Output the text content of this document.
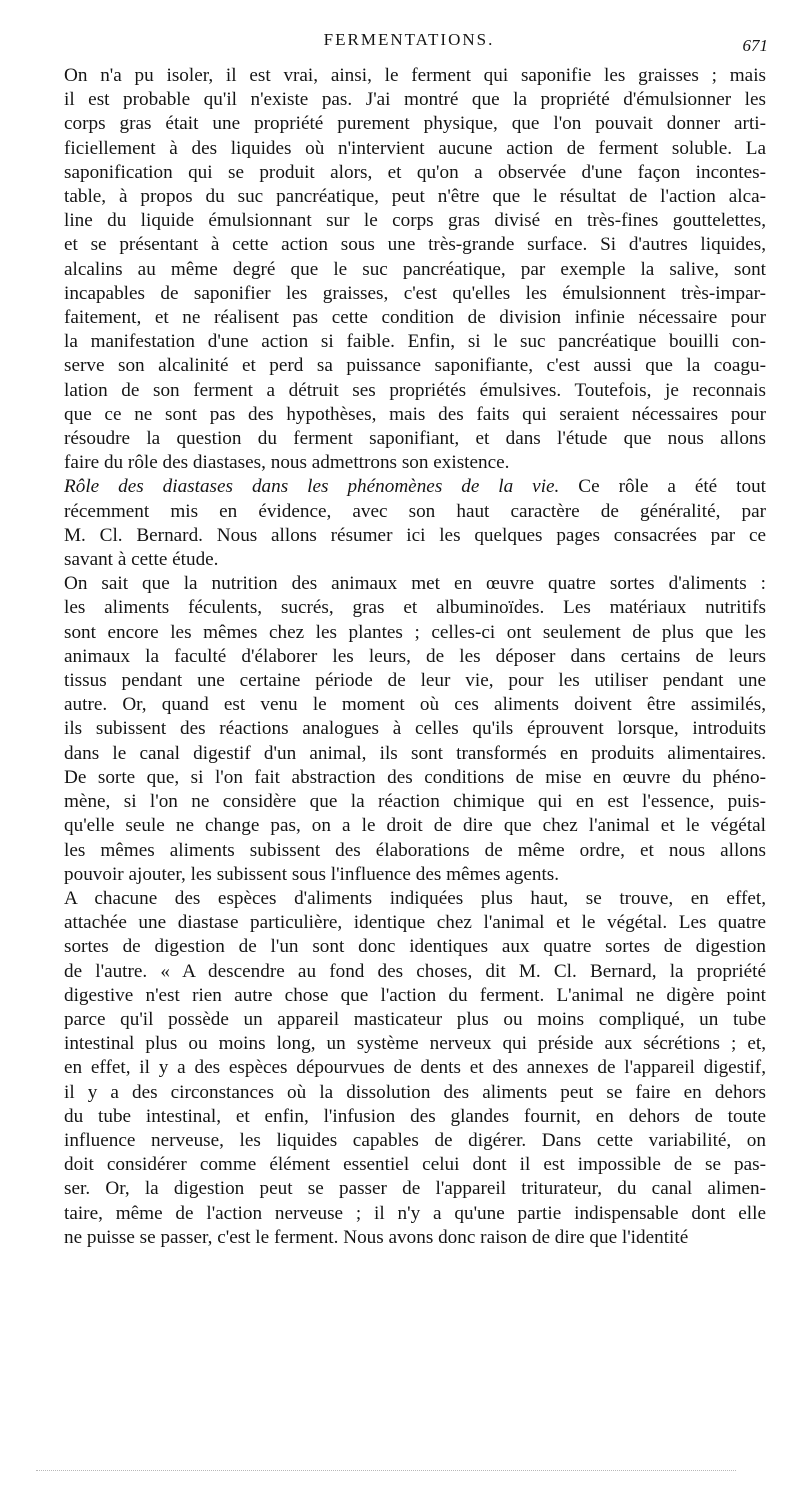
FERMENTATIONS.	671

On n'a pu isoler, il est vrai, ainsi, le ferment qui saponifie les graisses ; mais
il est probable qu'il n'existe pas. J'ai montré que la propriété d'émulsionner les
corps gras était une propriété purement physique, que l'on pouvait donner arti-
ficiellement à des liquides où n'intervient aucune action de ferment soluble. La
saponification qui se produit alors, et qu'on a observée d'une façon incontes-
table, à propos du suc pancréatique, peut n'être que le résultat de l'action alca-
line du liquide émulsionnant sur le corps gras divisé en très-fines gouttelettes,
et se présentant à cette action sous une très-grande surface. Si d'autres liquides,
alcalins au même degré que le suc pancréatique, par exemple la salive, sont
incapables de saponifier les graisses, c'est qu'elles les émulsionnent très-impar-
faitement, et ne réalisent pas cette condition de division infinie nécessaire pour
la manifestation d'une action si faible. Enfin, si le suc pancréatique bouilli con-
serve son alcalinité et perd sa puissance saponifiante, c'est aussi que la coagu-
lation de son ferment a détruit ses propriétés émulsives. Toutefois, je reconnais
que ce ne sont pas des hypothèses, mais des faits qui seraient nécessaires pour
résoudre la question du ferment saponifiant, et dans l'étude que nous allons
faire du rôle des diastases, nous admettrons son existence.

Rôle des diastases dans les phénomènes de la vie. Ce rôle a été tout
récemment mis en évidence, avec son haut caractère de généralité, par
M. Cl. Bernard. Nous allons résumer ici les quelques pages consacrées par ce
savant à cette étude.

On sait que la nutrition des animaux met en œuvre quatre sortes d'aliments :
les aliments féculents, sucrés, gras et albuminoïdes. Les matériaux nutritifs
sont encore les mêmes chez les plantes ; celles-ci ont seulement de plus que les
animaux la faculté d'élaborer les leurs, de les déposer dans certains de leurs
tissus pendant une certaine période de leur vie, pour les utiliser pendant une
autre. Or, quand est venu le moment où ces aliments doivent être assimilés,
ils subissent des réactions analogues à celles qu'ils éprouvent lorsque, introduits
dans le canal digestif d'un animal, ils sont transformés en produits alimentaires.
De sorte que, si l'on fait abstraction des conditions de mise en œuvre du phéno-
mène, si l'on ne considère que la réaction chimique qui en est l'essence, puis-
qu'elle seule ne change pas, on a le droit de dire que chez l'animal et le végétal
les mêmes aliments subissent des élaborations de même ordre, et nous allons
pouvoir ajouter, les subissent sous l'influence des mêmes agents.

A chacune des espèces d'aliments indiquées plus haut, se trouve, en effet,
attachée une diastase particulière, identique chez l'animal et le végétal. Les quatre
sortes de digestion de l'un sont donc identiques aux quatre sortes de digestion
de l'autre. « A descendre au fond des choses, dit M. Cl. Bernard, la propriété
digestive n'est rien autre chose que l'action du ferment. L'animal ne digère point
parce qu'il possède un appareil masticateur plus ou moins compliqué, un tube
intestinal plus ou moins long, un système nerveux qui préside aux sécrétions ; et,
en effet, il y a des espèces dépourvues de dents et des annexes de l'appareil digestif,
il y a des circonstances où la dissolution des aliments peut se faire en dehors
du tube intestinal, et enfin, l'infusion des glandes fournit, en dehors de toute
influence nerveuse, les liquides capables de digérer. Dans cette variabilité, on
doit considérer comme élément essentiel celui dont il est impossible de se pas-
ser. Or, la digestion peut se passer de l'appareil triturateur, du canal alimen-
taire, même de l'action nerveuse ; il n'y a qu'une partie indispensable dont elle
ne puisse se passer, c'est le ferment. Nous avons donc raison de dire que l'identité
